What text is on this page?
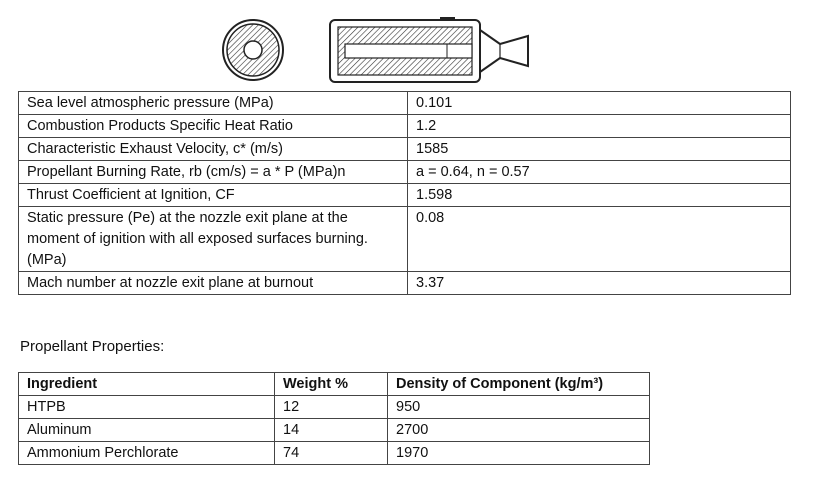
Sea level atmospheric pressure (MPa)	0.101
Combustion Products Specific Heat Ratio	1.2
Characteristic Exhaust Velocity, c* (m/s)	1585
Propellant Burning Rate, rb (cm/s) = a * P (MPa)n	a = 0.64, n = 0.57
Thrust Coefficient at Ignition, CF	1.598
Static pressure (Pe) at the nozzle exit plane at the moment of ignition with all exposed surfaces burning. (MPa)	0.08
Mach number at nozzle exit plane at burnout	3.37
Propellant Properties:
Ingredient	Weight %	Density of Component (kg/m³)
HTPB	12	950
Aluminum	14	2700
Ammonium Perchlorate	74	1970
